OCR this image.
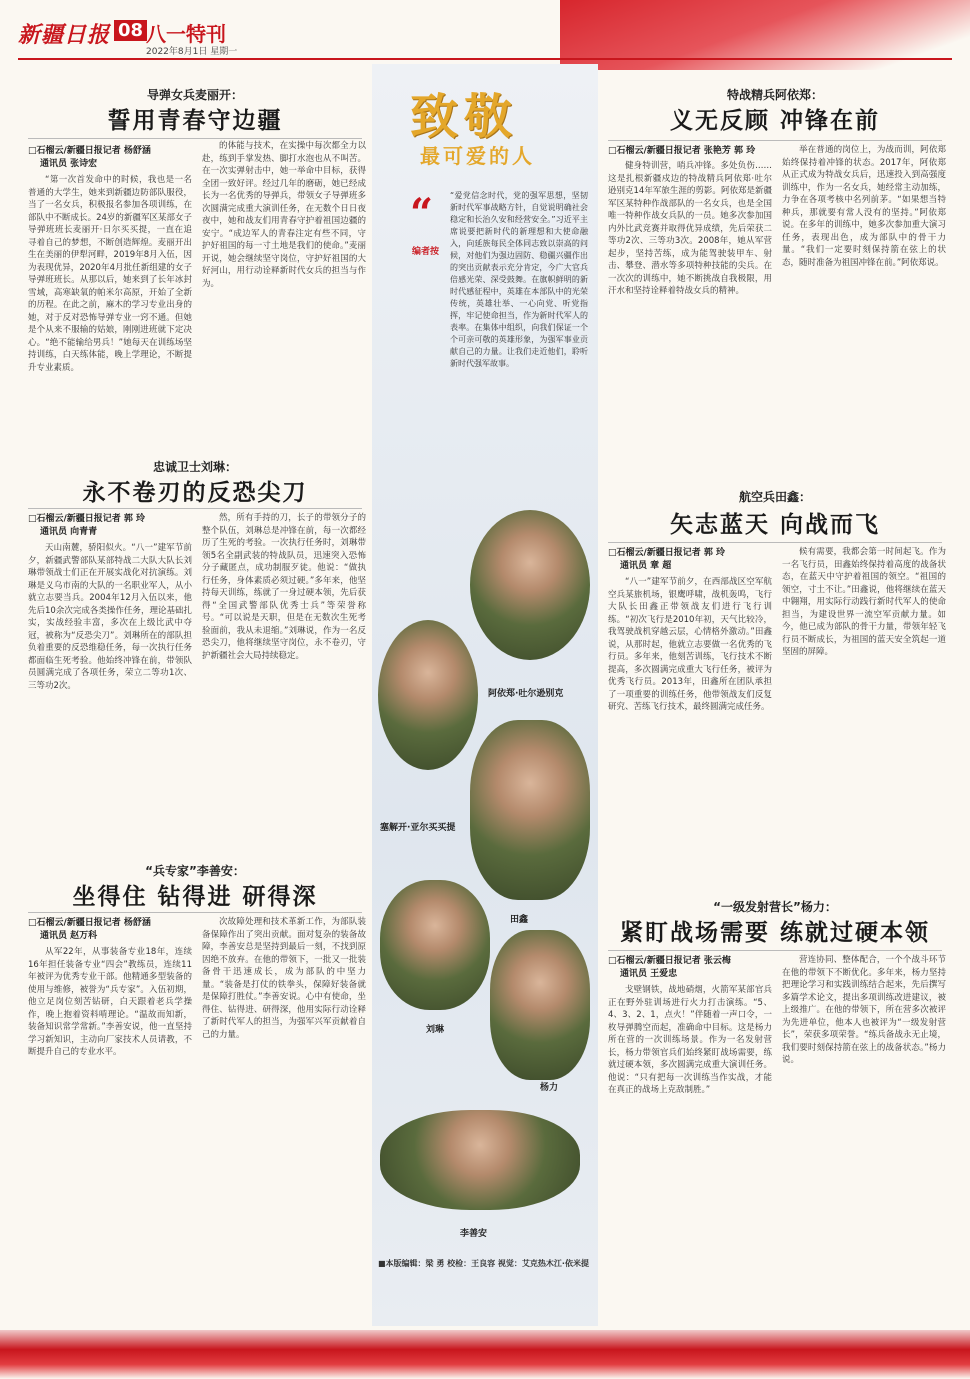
新疆日报 08 八一特刊
2022年8月1日 星期一
导弹女兵麦丽开：
誓用青春守边疆
□石榴云/新疆日报记者 杨舒涵
通讯员 张诗宏
“第一次首发命中的时候，我也是一名普通的大学生，她来到新疆边防部队服役，当了一名女兵，积极报名参加各项训练，在部队中不断成长。24岁的新疆军区某部女子导弹班班长麦丽开·日尔买买提，一直在追寻着自己的梦想，不断创造辉煌。麦丽开出生在美丽的伊犁河畔，2019年8月入伍，因为表现优异，2020年4月批任新组建的女子导弹班班长。从那以后，她来到了长年冰封雪域，高寒缺氧的帕米尔高原，开始了全新的历程。在此之前，麻木的学习专业出身的她，对于反对恐怖导弹专业一窍不通。但她是个从来不服输的姑娘，刚刚进班就下定决心。“绝不能输给男兵！”她每天在训练场坚持训练，白天练体能，晚上学理论，不断提升专业素质。
的体能与技术，在实操中每次都全力以赴，练到手掌发热、脚打水泡也从不叫苦。在一次实弹射击中，她一举命中目标，获得全团一致好评。经过几年的磨砺，她已经成长为一名优秀的导弹兵，带领女子导弹班多次圆满完成重大演训任务，在无数个日日夜夜中，她和战友们用青春守护着祖国边疆的安宁。“成边军人的青春注定有些不同，守护好祖国的每一寸土地是我们的使命。”麦丽开说，她会继续坚守岗位，守护好祖国的大好河山，用行动诠释新时代女兵的担当与作为。
忠诚卫士刘琳：
永不卷刃的反恐尖刀
□石榴云/新疆日报记者 郭 玲
通讯员 向青青
天山南麓，骄阳似火。“八一”建军节前夕，新疆武警部队某部特战二大队大队长刘琳带领战士们正在开展实战化对抗演练。刘琳是义乌市南的大队的一名职业军人，从小就立志要当兵。2004年12月入伍以来，他先后10余次完成各类操作任务，理论基础扎实，实战经验丰富，多次在上级比武中夺冠，被称为“反恐尖刀”。刘琳所在的部队担负着重要的反恐维稳任务，每一次执行任务都面临生死考验。他始终冲锋在前，带领队员圆满完成了各项任务，荣立二等功1次、三等功2次。
然，所有手持的刀，长子的带领分子的整个队伍，刘琳总是冲锋在前，每一次都经历了生死的考验。一次执行任务时，刘琳带领5名全副武装的特战队员，迅速突入恐怖分子藏匿点，成功制服歹徒。他说：“做执行任务，身体素质必须过硬。”多年来，他坚持每天训练，练就了一身过硬本领，先后获得“全国武警部队优秀士兵”等荣誉称号。“可以说是天职，但是在无数次生死考验面前，我从未退缩。”刘琳说，作为一名反恐尖刀，他将继续坚守岗位，永不卷刃，守护新疆社会大局持续稳定。
“兵专家”李善安：
坐得住 钻得进 研得深
□石榴云/新疆日报记者 杨舒涵
通讯员 赵万科
从军22年，从事装备专业18年，连续16年担任装备专业“四会”教练员，连续11年被评为优秀专业干部。他精通多型装备的使用与维修，被誉为“兵专家”。入伍初期，他立足岗位刻苦钻研，白天跟着老兵学操作，晚上抱着资料啃理论。“温故而知新，装备知识常学常新。”李善安说，他一直坚持学习新知识，主动向厂家技术人员请教，不断提升自己的专业水平。
次故障处理和技术革新工作，为部队装备保障作出了突出贡献。面对复杂的装备故障，李善安总是坚持到最后一刻，不找到原因绝不放弃。在他的带领下，一批又一批装备骨干迅速成长，成为部队的中坚力量。“装备是打仗的铁拳头，保障好装备就是保障打胜仗。”李善安说。心中有使命，坐得住、钻得进、研得深，他用实际行动诠释了新时代军人的担当，为强军兴军贡献着自己的力量。
致敬
最可爱的人
“
编者按
“爱党信念时代，党的强军思想，坚韧新时代军事战略方针，自觉说明确社会稳定和长治久安和经营安全。”习近平主席说要把新时代的新理想和大使命融入，向延族每民全体同志致以崇高的问候，对他们为强边固防、稳疆兴疆作出的突出贡献表示充分肯定，今广大官兵倍感光荣、深受鼓舞。在旗帜鲜明的新时代感征程中，英雄在本部队中的光荣传统，英雄壮举、一心向党、听党指挥，牢记使命担当，作为新时代军人的表率。在集体中组织，向我们保证一个个可亲可敬的英雄形象，为强军事业贡献自己的力量。让我们走近他们，聆听新时代强军故事。
阿依郑·吐尔逊别克
塞解开·亚尔买买提
田鑫
刘琳
杨力
李善安
■本版编辑：梁 勇 校检：王良容 视觉：艾克热木江·依米提
特战精兵阿依郑：
义无反顾 冲锋在前
□石榴云/新疆日报记者 张艳芳 郭 玲
健身特训营，哨兵冲锋。多处负伤……这是扎根新疆戍边的特战精兵阿依郑·吐尔逊别克14年军旅生涯的剪影。阿依郑是新疆军区某特种作战部队的一名女兵，也是全国唯一特种作战女兵队的一员。她多次参加国内外比武竞赛并取得优异成绩，先后荣获二等功2次、三等功3次。2008年，她从军营起步，坚持苦练，成为能驾驶装甲车、射击、攀登、潜水等多项特种技能的尖兵。在一次次的训练中，她不断挑战自我极限，用汗水和坚持诠释着特战女兵的精神。
举在普通的岗位上，为战而训，阿依郑始终保持着冲锋的状态。2017年，阿依郑从正式成为特战女兵后，迅速投入到高强度训练中，作为一名女兵，她经常主动加练，力争在各项考核中名列前茅。“如果想当特种兵，那就要有常人没有的坚持。”阿依郑说。在多年的训练中，她多次参加重大演习任务，表现出色，成为部队中的骨干力量。“我们一定要时刻保持箭在弦上的状态，随时准备为祖国冲锋在前。”阿依郑说。
航空兵田鑫：
矢志蓝天 向战而飞
□石榴云/新疆日报记者 郭 玲
通讯员 章 超
“八一”建军节前夕，在西部战区空军航空兵某旅机场，银鹰呼啸，战机轰鸣，飞行大队长田鑫正带领战友们进行飞行训练。“初次飞行是2010年初，天气比较冷，我驾驶战机穿越云层，心情格外激动。”田鑫说，从那时起，他就立志要做一名优秀的飞行员。多年来，他刻苦训练，飞行技术不断提高，多次圆满完成重大飞行任务，被评为优秀飞行员。2013年，田鑫所在团队承担了一项重要的训练任务，他带领战友们反复研究、苦练飞行技术，最终圆满完成任务。
候有需要，我都会第一时间起飞。作为一名飞行员，田鑫始终保持着高度的战备状态，在蓝天中守护着祖国的领空。“祖国的领空，寸土不让。”田鑫说，他将继续在蓝天中翱翔，用实际行动践行新时代军人的使命担当，为建设世界一流空军贡献力量。如今，他已成为部队的骨干力量，带领年轻飞行员不断成长，为祖国的蓝天安全筑起一道坚固的屏障。
“一级发射营长”杨力：
紧盯战场需要 练就过硬本领
□石榴云/新疆日报记者 张云梅
通讯员 王爱忠
戈壁钢铁，战地硝烟，火箭军某部官兵正在野外驻训场进行火力打击演练。“5、4、3、2、1，点火！”伴随着一声口令，一枚导弹腾空而起，准确命中目标。这是杨力所在营的一次训练场景。作为一名发射营长，杨力带领官兵们始终紧盯战场需要，练就过硬本领，多次圆满完成重大演训任务。他说：“只有把每一次训练当作实战，才能在真正的战场上克敌制胜。”
营连协同、整体配合，一个个战斗环节在他的带领下不断优化。多年来，杨力坚持把理论学习和实践训练结合起来，先后撰写多篇学术论文，提出多项训练改进建议，被上级推广。在他的带领下，所在营多次被评为先进单位，他本人也被评为“一级发射营长”，荣获多项荣誉。“练兵备战永无止境，我们要时刻保持箭在弦上的战备状态。”杨力说。
